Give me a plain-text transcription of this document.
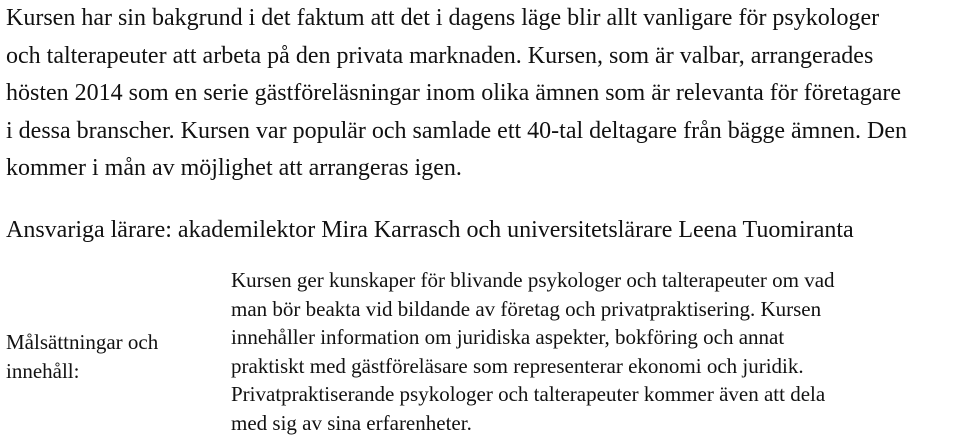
Kursen har sin bakgrund i det faktum att det i dagens läge blir allt vanligare för psykologer
och talterapeuter att arbeta på den privata marknaden. Kursen, som är valbar, arrangerades
hösten 2014 som en serie gästföreläsningar inom olika ämnen som är relevanta för företagare
i dessa branscher. Kursen var populär och samlade ett 40-tal deltagare från bägge ämnen. Den
kommer i mån av möjlighet att arrangeras igen.
Ansvariga lärare: akademilektor Mira Karrasch och universitetslärare Leena Tuomiranta
Målsättningar och
innehåll:
Kursen ger kunskaper för blivande psykologer och talterapeuter om vad
man bör beakta vid bildande av företag och privatpraktisering. Kursen
innehåller information om juridiska aspekter, bokföring och annat
praktiskt med gästföreläsare som representerar ekonomi och juridik.
Privatpraktiserande psykologer och talterapeuter kommer även att dela
med sig av sina erfarenheter.
